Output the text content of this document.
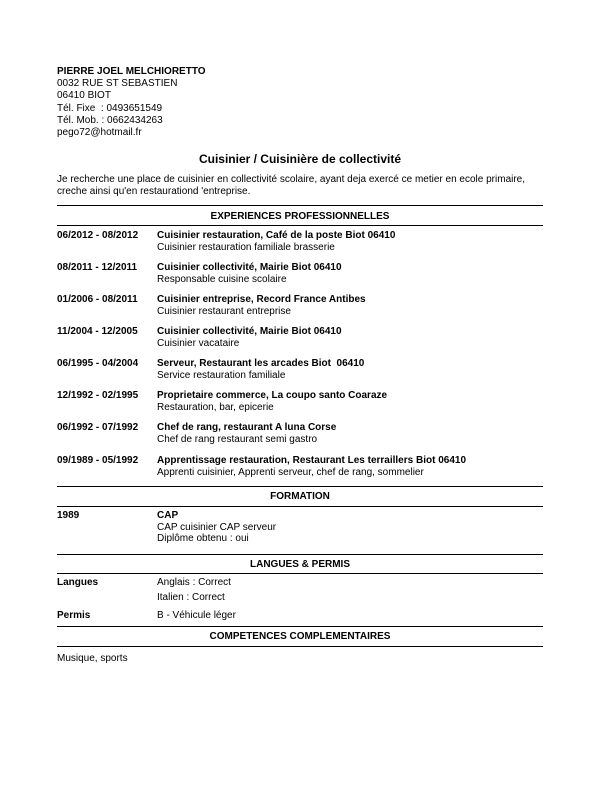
PIERRE JOEL MELCHIORETTO
0032 RUE ST SEBASTIEN
06410 BIOT
Tél. Fixe  : 0493651549
Tél. Mob. : 0662434263
pego72@hotmail.fr
Cuisinier / Cuisinière de collectivité
Je recherche une place de cuisinier en collectivité scolaire, ayant deja exercé ce metier en ecole primaire, creche ainsi qu'en restaurationd 'entreprise.
EXPERIENCES PROFESSIONNELLES
06/2012 - 08/2012 Cuisinier restauration, Café de la poste Biot 06410
Cuisinier restauration familiale brasserie
08/2011 - 12/2011 Cuisinier collectivité, Mairie Biot 06410
Responsable cuisine scolaire
01/2006 - 08/2011 Cuisinier entreprise, Record France Antibes
Cuisinier restaurant entreprise
11/2004 - 12/2005 Cuisinier collectivité, Mairie Biot 06410
Cuisinier vacataire
06/1995 - 04/2004 Serveur, Restaurant les arcades Biot  06410
Service restauration familiale
12/1992 - 02/1995 Proprietaire commerce, La coupo santo Coaraze
Restauration, bar, epicerie
06/1992 - 07/1992 Chef de rang, restaurant A luna Corse
Chef de rang restaurant semi gastro
09/1989 - 05/1992 Apprentissage restauration, Restaurant Les terraillers Biot 06410
Apprenti cuisinier, Apprenti serveur, chef de rang, sommelier
FORMATION
1989	CAP
CAP cuisinier CAP serveur
Diplôme obtenu : oui
LANGUES & PERMIS
Langues	Anglais : Correct
Italien : Correct
Permis	B - Véhicule léger
COMPETENCES COMPLEMENTAIRES
Musique, sports
